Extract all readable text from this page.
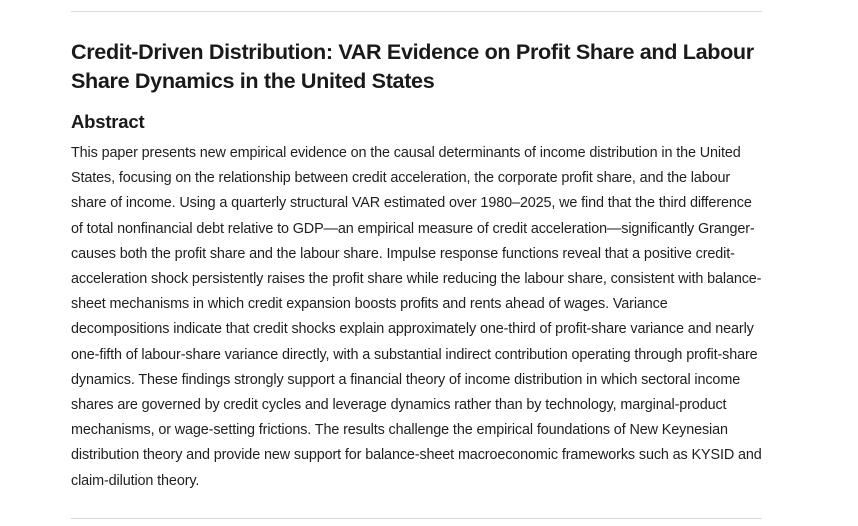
Credit-Driven Distribution: VAR Evidence on Profit Share and Labour Share Dynamics in the United States
Abstract

This paper presents new empirical evidence on the causal determinants of income distribution in the United States, focusing on the relationship between credit acceleration, the corporate profit share, and the labour share of income. Using a quarterly structural VAR estimated over 1980–2025, we find that the third difference of total nonfinancial debt relative to GDP—an empirical measure of credit acceleration—significantly Granger-causes both the profit share and the labour share. Impulse response functions reveal that a positive credit-acceleration shock persistently raises the profit share while reducing the labour share, consistent with balance-sheet mechanisms in which credit expansion boosts profits and rents ahead of wages. Variance decompositions indicate that credit shocks explain approximately one-third of profit-share variance and nearly one-fifth of labour-share variance directly, with a substantial indirect contribution operating through profit-share dynamics. These findings strongly support a financial theory of income distribution in which sectoral income shares are governed by credit cycles and leverage dynamics rather than by technology, marginal-product mechanisms, or wage-setting frictions. The results challenge the empirical foundations of New Keynesian distribution theory and provide new support for balance-sheet macroeconomic frameworks such as KYSID and claim-dilution theory.
